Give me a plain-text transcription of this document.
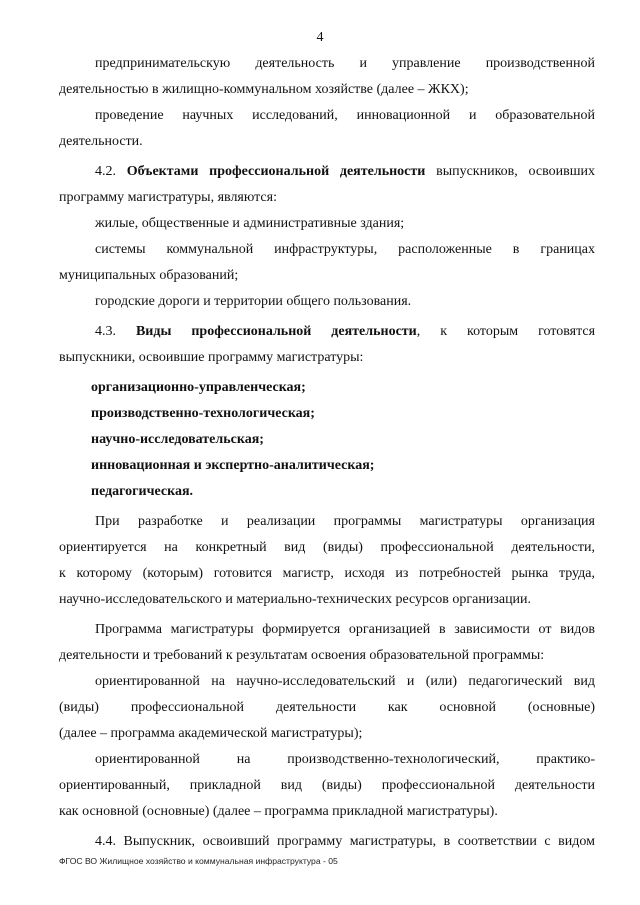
4
предпринимательскую деятельность и управление производственной
деятельностью в жилищно-коммунальном хозяйстве (далее – ЖКХ);
проведение научных исследований, инновационной и образовательной
деятельности.
4.2. Объектами профессиональной деятельности выпускников, освоивших
программу магистратуры, являются:
жилые, общественные и административные здания;
системы коммунальной инфраструктуры, расположенные в границах
муниципальных образований;
городские дороги и территории общего пользования.
4.3. Виды профессиональной деятельности, к которым готовятся
выпускники, освоившие программу магистратуры:
организационно-управленческая;
производственно-технологическая;
научно-исследовательская;
инновационная и экспертно-аналитическая;
педагогическая.
При разработке и реализации программы магистратуры организация
ориентируется на конкретный вид (виды) профессиональной деятельности,
к которому (которым) готовится магистр, исходя из потребностей рынка труда,
научно-исследовательского и материально-технических ресурсов организации.
Программа магистратуры формируется организацией в зависимости от видов
деятельности и требований к результатам освоения образовательной программы:
ориентированной на научно-исследовательский и (или) педагогический вид
(виды) профессиональной деятельности как основной (основные)
(далее – программа академической магистратуры);
ориентированной на производственно-технологический, практико-
ориентированный, прикладной вид (виды) профессиональной деятельности
как основной (основные) (далее – программа прикладной магистратуры).
4.4. Выпускник, освоивший программу магистратуры, в соответствии с видом
ФГОС ВО Жилищное хозяйство и коммунальная инфраструктура - 05
